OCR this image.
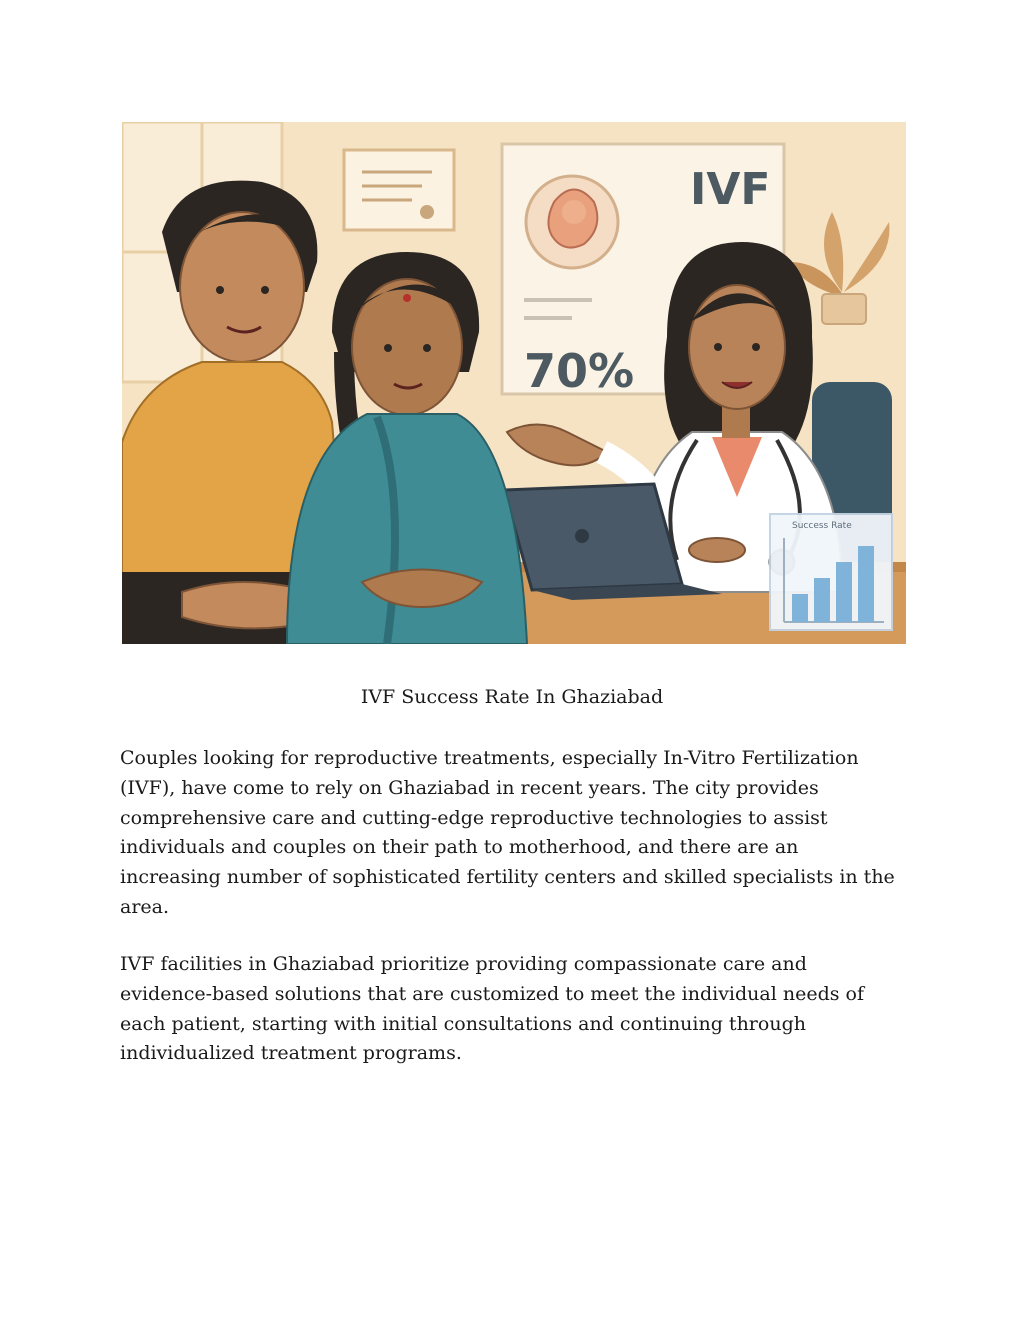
IVF
70%
Success Rate
IVF Success Rate In Ghaziabad

Couples looking for reproductive treatments, especially In-Vitro Fertilization (IVF), have come to rely on Ghaziabad in recent years. The city provides comprehensive care and cutting-edge reproductive technologies to assist individuals and couples on their path to motherhood, and there are an increasing number of sophisticated fertility centers and skilled specialists in the area.

IVF facilities in Ghaziabad prioritize providing compassionate care and evidence-based solutions that are customized to meet the individual needs of each patient, starting with initial consultations and continuing through individualized treatment programs.
